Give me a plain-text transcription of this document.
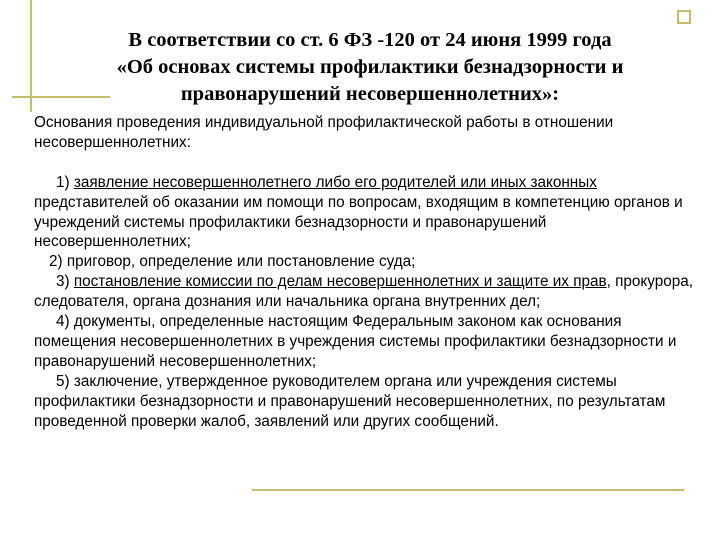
В соответствии со ст. 6 ФЗ -120 от 24 июня 1999 года
«Об основах системы профилактики безнадзорности и
правонарушений несовершеннолетних»:

Основания проведения индивидуальной профилактической работы в отношении несовершеннолетних:

1) заявление несовершеннолетнего либо его родителей или иных законных представителей об оказании им помощи по вопросам, входящим в компетенцию органов и учреждений системы профилактики безнадзорности и правонарушений несовершеннолетних;

2) приговор, определение или постановление суда;

3) постановление комиссии по делам несовершеннолетних и защите их прав, прокурора, следователя, органа дознания или начальника органа внутренних дел;

4) документы, определенные настоящим Федеральным законом как основания помещения несовершеннолетних в учреждения системы профилактики безнадзорности и правонарушений несовершеннолетних;

5) заключение, утвержденное руководителем органа или учреждения системы профилактики безнадзорности и правонарушений несовершеннолетних, по результатам проведенной проверки жалоб, заявлений или других сообщений.
